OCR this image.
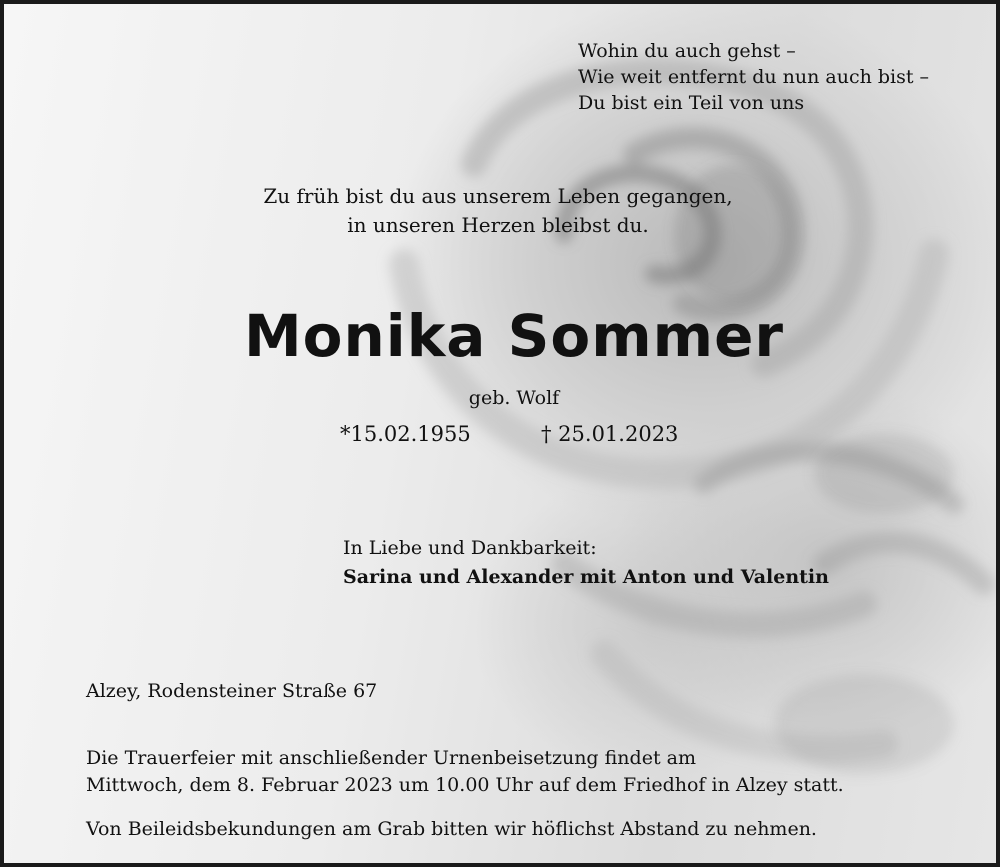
Wohin du auch gehst –
Wie weit entfernt du nun auch bist –
Du bist ein Teil von uns
Zu früh bist du aus unserem Leben gegangen,
in unseren Herzen bleibst du.
Monika Sommer
geb. Wolf
*15.02.1955	† 25.01.2023
In Liebe und Dankbarkeit:
Sarina und Alexander mit Anton und Valentin
Alzey, Rodensteiner Straße 67
Die Trauerfeier mit anschließender Urnenbeisetzung findet am
Mittwoch, dem 8. Februar 2023 um 10.00 Uhr auf dem Friedhof in Alzey statt.
Von Beileidsbekundungen am Grab bitten wir höflichst Abstand zu nehmen.
